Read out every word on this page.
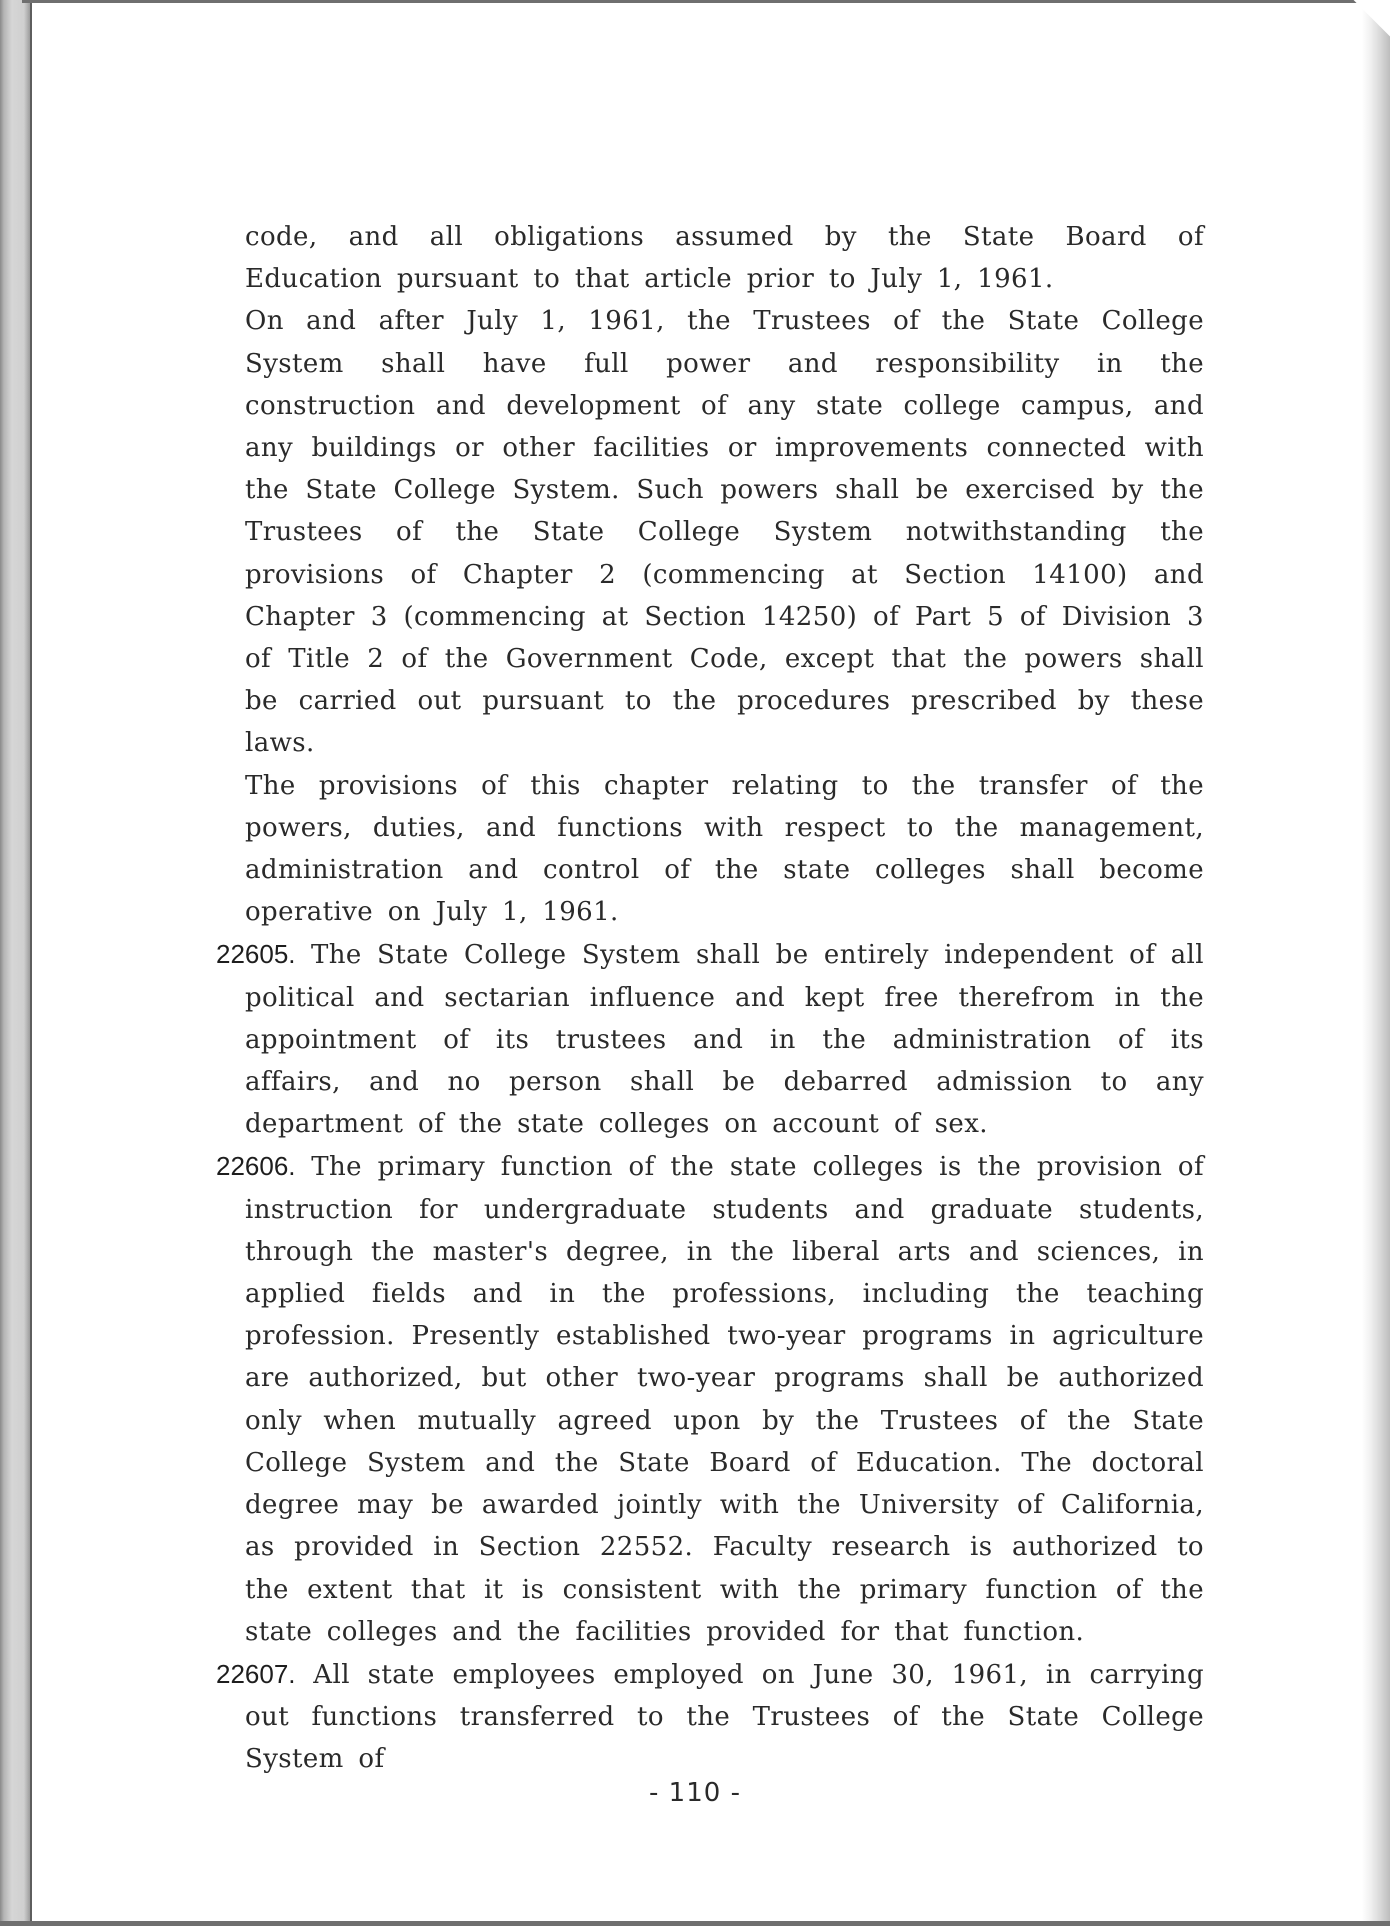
code, and all obligations assumed by the State Board of Education pursuant to that article prior to July 1, 1961.

On and after July 1, 1961, the Trustees of the State College System shall have full power and responsibility in the construction and development of any state college campus, and any buildings or other facilities or improvements connected with the State College System. Such powers shall be exercised by the Trustees of the State College System notwithstanding the provisions of Chapter 2 (commencing at Section 14100) and Chapter 3 (commencing at Section 14250) of Part 5 of Division 3 of Title 2 of the Government Code, except that the powers shall be carried out pursuant to the procedures prescribed by these laws.

The provisions of this chapter relating to the transfer of the powers, duties, and functions with respect to the management, administration and control of the state colleges shall become operative on July 1, 1961.

22605. The State College System shall be entirely independent of all political and sectarian influence and kept free therefrom in the appointment of its trustees and in the administration of its affairs, and no person shall be debarred admission to any department of the state colleges on account of sex.

22606. The primary function of the state colleges is the provision of instruction for undergraduate students and graduate students, through the master's degree, in the liberal arts and sciences, in applied fields and in the professions, including the teaching profession. Presently established two-year programs in agriculture are authorized, but other two-year programs shall be authorized only when mutually agreed upon by the Trustees of the State College System and the State Board of Education. The doctoral degree may be awarded jointly with the University of California, as provided in Section 22552. Faculty research is authorized to the extent that it is consistent with the primary function of the state colleges and the facilities provided for that function.

22607. All state employees employed on June 30, 1961, in carrying out functions transferred to the Trustees of the State College System of

- 110 -
